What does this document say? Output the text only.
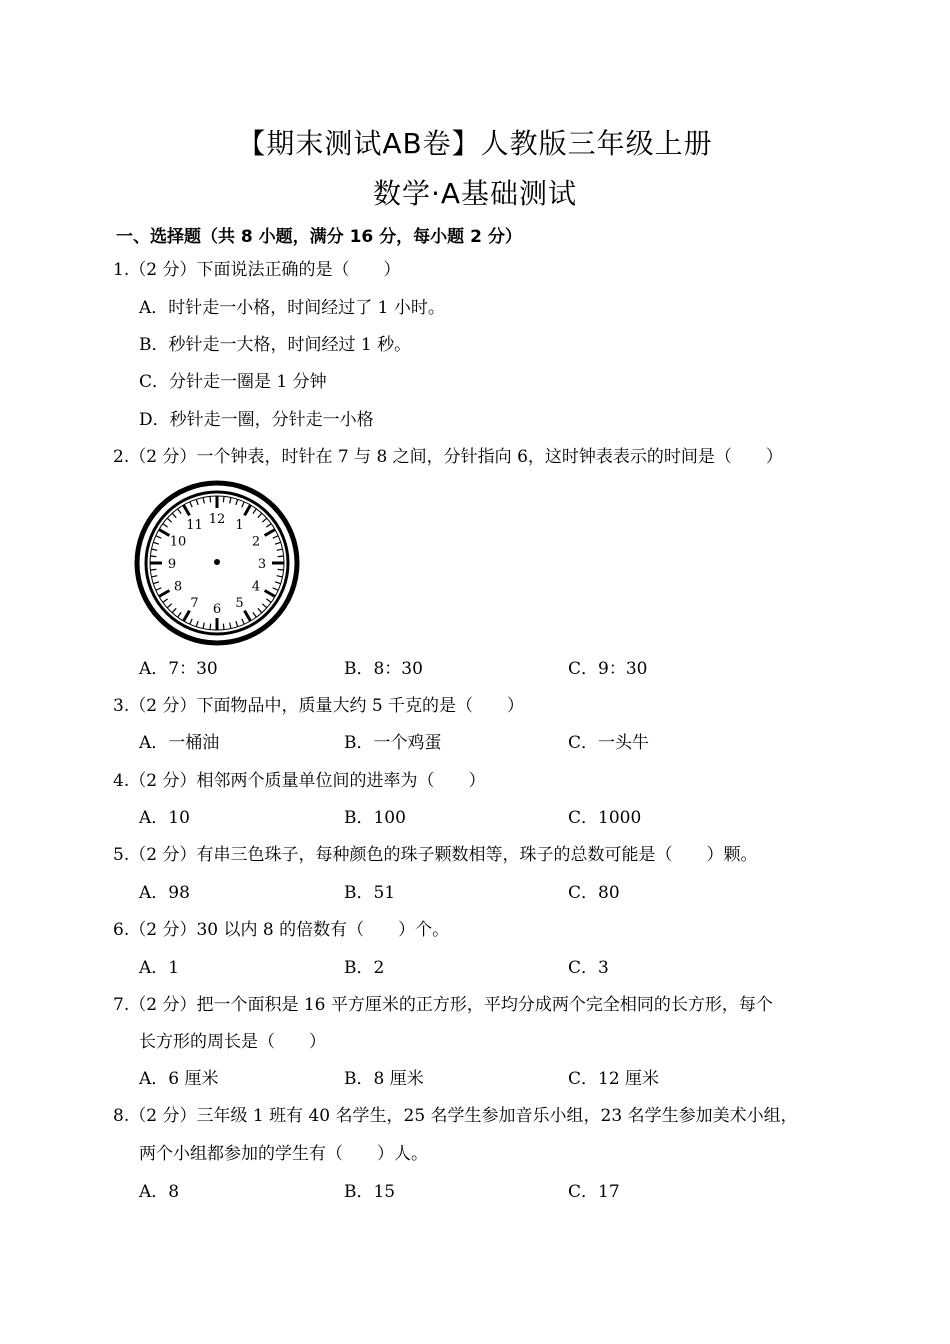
【期末测试AB卷】人教版三年级上册
数学·A基础测试
一、选择题（共 8 小题，满分 16 分，每小题 2 分）
1.（2 分）下面说法正确的是（　　）
A．时针走一小格，时间经过了 1 小时。
B．秒针走一大格，时间经过 1 秒。
C．分针走一圈是 1 分钟
D．秒针走一圈，分针走一小格
2.（2 分）一个钟表，时针在 7 与 8 之间，分针指向 6，这时钟表表示的时间是（　　）
12 1
2
3
4
5
6
7
8
9
10
11
A．7：30	B．8：30	C．9：30
3.（2 分）下面物品中，质量大约 5 千克的是（　　）
A．一桶油	B．一个鸡蛋	C．一头牛
4.（2 分）相邻两个质量单位间的进率为（　　）
A．10	B．100	C．1000
5.（2 分）有串三色珠子，每种颜色的珠子颗数相等，珠子的总数可能是（　　）颗。
A．98	B．51	C．80
6.（2 分）30 以内 8 的倍数有（　　）个。
A．1	B．2	C．3
7.（2 分）把一个面积是 16 平方厘米的正方形，平均分成两个完全相同的长方形，每个
长方形的周长是（　　）
A．6 厘米	B．8 厘米	C．12 厘米
8.（2 分）三年级 1 班有 40 名学生，25 名学生参加音乐小组，23 名学生参加美术小组，
两个小组都参加的学生有（　　）人。
A．8	B．15	C．17
